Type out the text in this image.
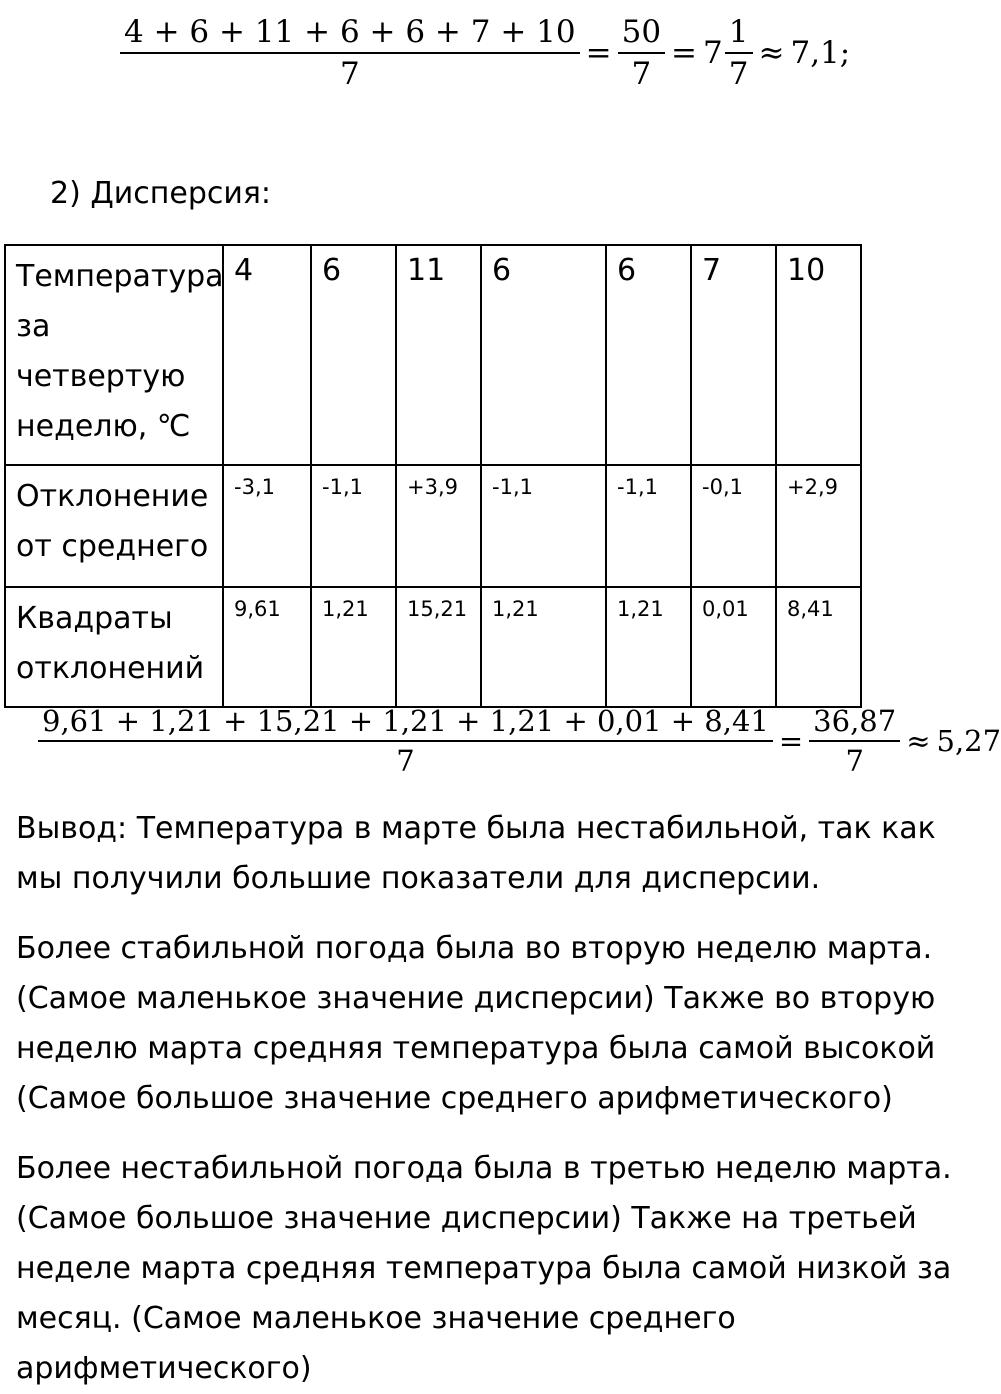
$\frac{4 + 6 + 11 + 6 + 6 + 7 + 10}{7} = \frac{50}{7} = 7 \frac{1}{7} \approx 7,1$;
2) Дисперсия:
Температура за четвертую неделю, ℃	4	6	11	6	6	7	10
Отклонение от среднего	-3,1	-1,1	+3,9	-1,1	-1,1	-0,1	+2,9
Квадраты отклонений	9,61	1,21	15,21	1,21	1,21	0,01	8,41
$\frac{9,61 + 1,21 + 15,21 + 1,21 + 1,21 + 0,01 + 8,41}{7} = \frac{36,87}{7} \approx 5,27$

Вывод: Температура в марте была нестабильной, так как мы получили большие показатели для дисперсии.

Более стабильной погода была во вторую неделю марта. (Самое маленькое значение дисперсии) Также во вторую неделю марта средняя температура была самой высокой (Самое большое значение среднего арифметического)

Более нестабильной погода была в третью неделю марта. (Самое большое значение дисперсии) Также на третьей неделе марта средняя температура была самой низкой за месяц. (Самое маленькое значение среднего арифметического)
